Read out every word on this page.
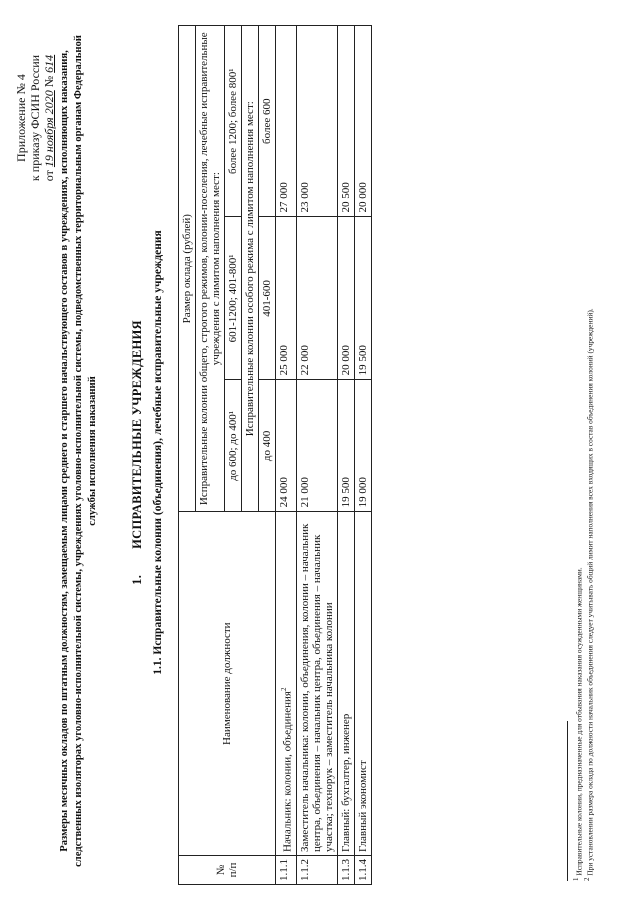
Приложение № 4 к приказу ФСИН России от 19 ноября 2020 № 614 Размеры месячных окладов по штатным должностям, замещаемым лицами среднего и старшего начальствующего составов в учреждениях, исполняющих наказания, следственных изоляторах уголовно-исполнительной системы, учреждениях уголовно-исполнительной системы, подведомственных территориальным органам Федеральной службы исполнения наказаний
1.ИСПРАВИТЕЛЬНЫЕ УЧРЕЖДЕНИЯ 1.1. Исправительные колонии (объединения), лечебные исправительные учреждения
№ п/п	Наименование должности	Размер оклада (рублей)		
		Исправительные колонии общего, строгого режимов, колонии-поселения, лечебные исправительные учреждения с лимитом наполнения мест:		
		до 600; до 400¹	601-1200; 401-800¹	более 1200; более 800¹
		Исправительные колонии особого режима с лимитом наполнения мест:		
		до 400	401-600	более 600
1.1.1	Начальник: колонии, объединения$^2$	24 000	25 000	27 000
1.1.2	Заместитель начальника: колонии, объединения, колонии – начальник центра, объединения – начальник центра, объединения – начальник участка; технорук – заместитель начальника колонии	21 000	22 000	23 000
1.1.3	Главный: бухгалтер, инженер	19 500	20 000	20 500
1.1.4	Главный экономист	19 000	19 500	20 000
$^1$ Исправительные колонии, предназначенные для отбывания наказания осужденными женщинами.
$^2$ При установлении размера оклада по должности начальник объединения следует учитывать общий лимит наполнения всех входящих в состав объединения колоний (учреждений).
